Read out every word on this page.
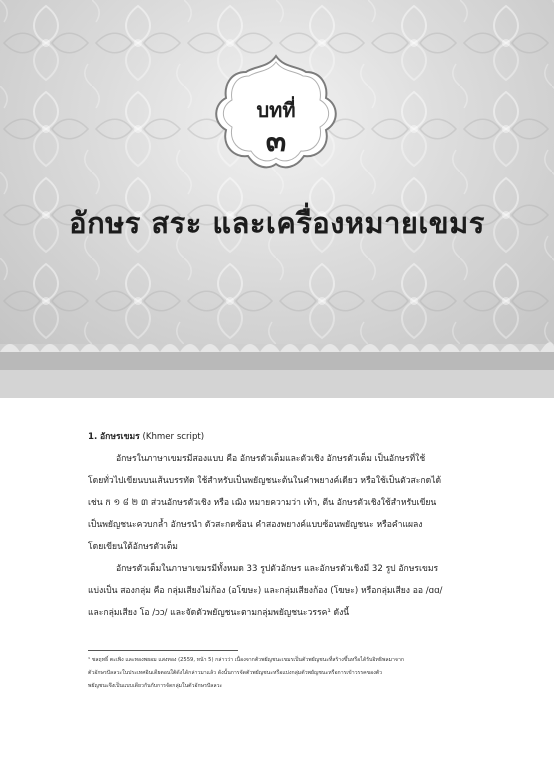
บทที่
๓
อักษร สระ และเครื่องหมายเขมร
1. อักษรเขมร (Khmer script)
อักษรในภาษาเขมรมีสองแบบ คือ อักษรตัวเต็มและตัวเชิง อักษรตัวเต็ม เป็นอักษรที่ใช้
โดยทั่วไปเขียนบนเส้นบรรทัด ใช้สำหรับเป็นพยัญชนะต้นในคำพยางค์เดียว หรือใช้เป็นตัวสะกดได้
เช่น ក ១ ៨ ២ ៣ ส่วนอักษรตัวเชิง หรือ เฌิง หมายความว่า เท้า, ตีน อักษรตัวเชิงใช้สำหรับเขียน
เป็นพยัญชนะควบกล้ำ อักษรนำ ตัวสะกดซ้อน คำสองพยางค์แบบซ้อนพยัญชนะ หรือคำแผลง
โดยเขียนใต้อักษรตัวเต็ม
อักษรตัวเต็มในภาษาเขมรมีทั้งหมด 33 รูปตัวอักษร และอักษรตัวเชิงมี 32 รูป อักษรเขมร
แบ่งเป็น สองกลุ่ม คือ กลุ่มเสียงไม่ก้อง (อโฆษะ) และกลุ่มเสียงก้อง (โฆษะ) หรือกลุ่มเสียง ออ /ɑɑ/
และกลุ่มเสียง โอ /ɔɔ/ และจัดตัวพยัญชนะตามกลุ่มพยัญชนะวรรค¹ ดังนี้
¹ ชลฤทธิ์ ตะเพิง และทองพยอม แสงทอง (2559, หน้า 5) กล่าวว่า เนื่องจากตัวพยัญชนะเขมรเป็นตัวพยัญชนะที่สร้างขึ้นหรือได้รับอิทธิพลมาจาก
ตัวอักษรปัลลวะในประเทศอินเดียตอนใต้ดังได้กล่าวมาแล้ว ดังนั้นการจัดตัวพยัญชนะหรือแบ่งกลุ่มตัวพยัญชนะหรือการเข้าวรรคของตัว
พยัญชนะจึงเป็นแบบเดียวกันกับการจัดกลุ่มในตัวอักษรปัลลวะ
